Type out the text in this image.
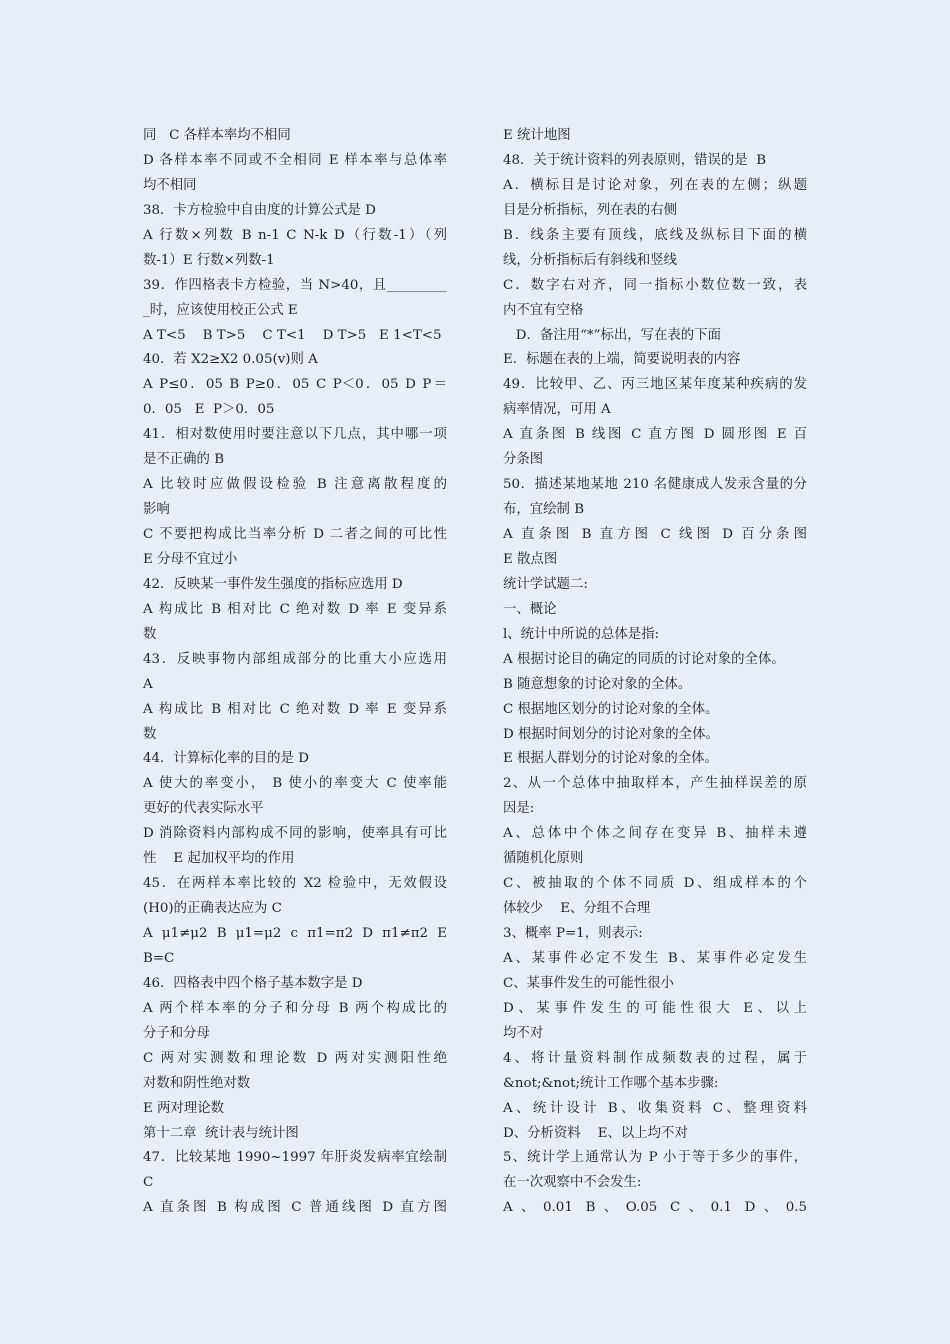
同   C 各样本率均不相同
D 各样本率不同或不全相同 E 样本率与总体率
均不相同
38．卡方检验中自由度的计算公式是 D
A 行数×列数 B n-1 C N-k D（行数-1）（列
数-1）E 行数×列数-1
39．作四格表卡方检验，当 N>40，且_________
_时，应该使用校正公式 E
A T<5    B T>5    C T<1    D T>5   E 1<T<5
40．若 X2≥X2 0.05(v)则 A
A P≤0．05 B P≥0．05 C P＜0．05 D P＝
0．05   E  P＞0．05
41．相对数使用时要注意以下几点，其中哪一项
是不正确的 B
A 比较时应做假设检验 B 注意离散程度的
影响
C 不要把构成比当率分析 D 二者之间的可比性
E 分母不宜过小
42．反映某一事件发生强度的指标应选用 D
A 构成比 B 相对比 C 绝对数 D 率 E 变异系
数
43．反映事物内部组成部分的比重大小应选用
A
A 构成比 B 相对比 C 绝对数 D 率 E 变异系
数
44．计算标化率的目的是 D
A 使大的率变小， B 使小的率变大 C 使率能
更好的代表实际水平
D 消除资料内部构成不同的影响，使率具有可比
性    E 起加权平均的作用
45．在两样本率比较的 X2 检验中，无效假设
(H0)的正确表达应为 C
A μ1≠μ2 B μ1=μ2 c π1=π2 D π1≠π2 E
B=C
46．四格表中四个格子基本数字是 D
A 两个样本率的分子和分母 B 两个构成比的
分子和分母
C 两对实测数和理论数 D 两对实测阳性绝
对数和阴性绝对数
E 两对理论数
第十二章  统计表与统计图
47．比较某地 1990~1997 年肝炎发病率宜绘制
C
A 直条图 B 构成图 C 普通线图 D 直方图
E 统计地图
48．关于统计资料的列表原则，错误的是  B
A．横标目是讨论对象，列在表的左侧；纵题
目是分析指标，列在表的右侧
B．线条主要有顶线，底线及纵标目下面的横
线，分析指标后有斜线和竖线
C．数字右对齐，同一指标小数位数一致，表
内不宜有空格
D．备注用“*”标出，写在表的下面
E．标题在表的上端，简要说明表的内容
49．比较甲、乙、丙三地区某年度某种疾病的发
病率情况，可用 A
A 直条图 B 线图 C 直方图 D 圆形图 E 百
分条图
50．描述某地某地 210 名健康成人发汞含量的分
布，宜绘制 B
A 直条图 B 直方图 C 线图 D 百分条图
E 散点图
统计学试题二:
一、概论
l、统计中所说的总体是指:
A 根据讨论目的确定的同质的讨论对象的全体。
B 随意想象的讨论对象的全体。
C 根据地区划分的讨论对象的全体。
D 根据时间划分的讨论对象的全体。
E 根据人群划分的讨论对象的全体。
2、从一个总体中抽取样本，产生抽样误差的原
因是:
A、总体中个体之间存在变异 B、抽样未遵
循随机化原则
C、被抽取的个体不同质 D、组成样本的个
体较少    E、分组不合理
3、概率 P=1，则表示:
A、某事件必定不发生 B、某事件必定发生
C、某事件发生的可能性很小
D、某事件发生的可能性很大 E、以上
均不对
4、将计量资料制作成频数表的过程，属于
&not;&not;统计工作哪个基本步骤:
A、统计设计 B、收集资料 C、整理资料
D、分析资料    E、以上均不对
5、统计学上通常认为 P 小于等于多少的事件，
在一次观察中不会发生:
A、0.01 B、O.05 C、0.1 D、0.5
